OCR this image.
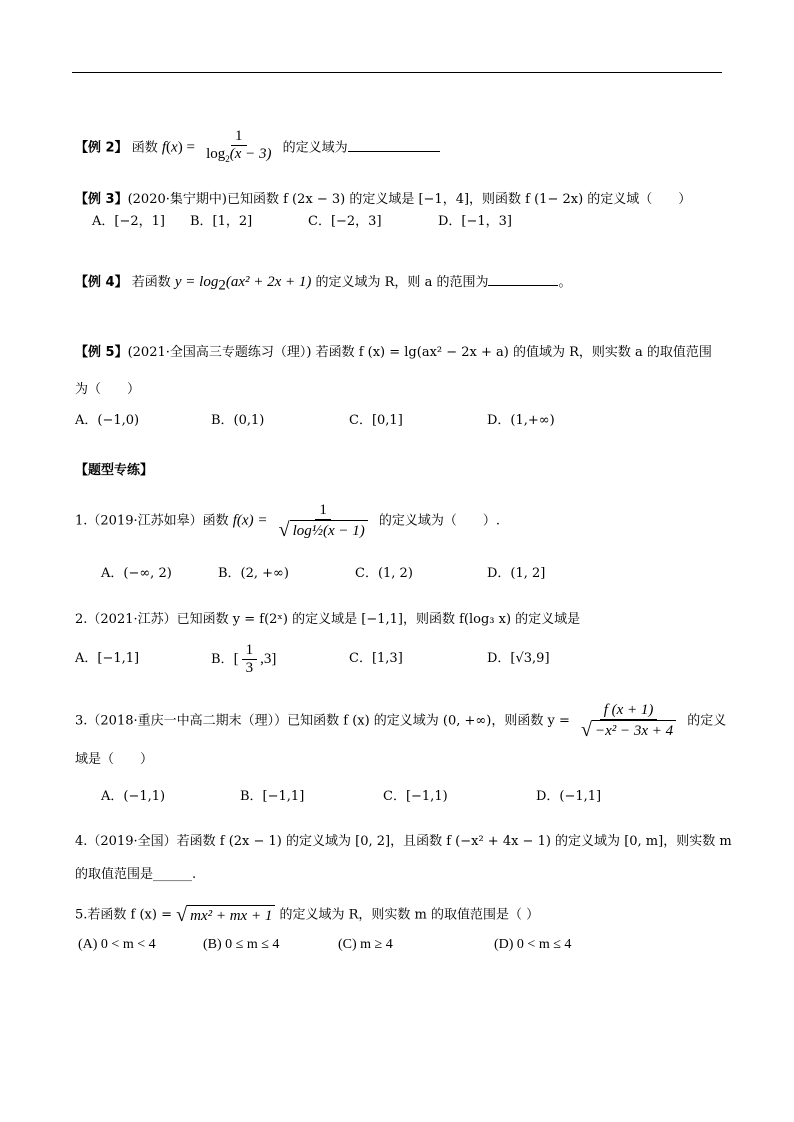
【例 2】 函数 $f(x) = \frac{1}{\log_2(x - 3)}$ 的定义域为
【例 3】(2020·集宁期中)已知函数 f (2x − 3) 的定义域是 [−1，4]，则函数 f (1− 2x) 的定义域（　　）
A．[−2，1] B．[1，2]	C．[−2，3]	D．[−1，3]
【例 4】 若函数 $y = \log_2(ax^2 + 2x + 1)$ 的定义域为 R，则 a 的范围为	。
【例 5】(2021·全国高三专题练习（理）) 若函数 f (x) = lg(ax² − 2x + a) 的值域为 R，则实数 a 的取值范围
为（　　）
A．(−1,0)	B．(0,1)	C．[0,1]	D．(1,+∞)
【题型专练】
1.（2019·江苏如皋）函数 $f(x) = \frac{1}{\text{√ log½(x − 1)}}$ 的定义域为（　　）.
A．(−∞, 2)	B．(2, +∞)	C．(1, 2)	D．(1, 2]
2.（2021·江苏）已知函数 y = f(2ˣ) 的定义域是 [−1,1]，则函数 f(log₃ x) 的定义域是
A．[−1,1]	B．[ $\frac{1}{3} ,3$]	C．[1,3]	D．[√3,9]
3.（2018·重庆一中高二期末（理））已知函数 f (x) 的定义域为 (0, +∞)，则函数 $y = \frac{f (x + 1)}{\text{√ −x² − 3x + 4}}$ 的定义
域是（　　）
A．(−1,1)	B．[−1,1]	C．[−1,1)	D．(−1,1]
4.（2019·全国）若函数 f (2x − 1) 的定义域为 [0, 2]，且函数 f (−x² + 4x − 1) 的定义域为 [0, m]，则实数 m
的取值范围是______.
5.若函数 f (x) = √ mx² + mx + 1 的定义域为 R，则实数 m 的取值范围是（ ）
(A) 0 < m < 4	(B) 0 ≤ m ≤ 4	(C) m ≥ 4	(D) 0 < m ≤ 4
